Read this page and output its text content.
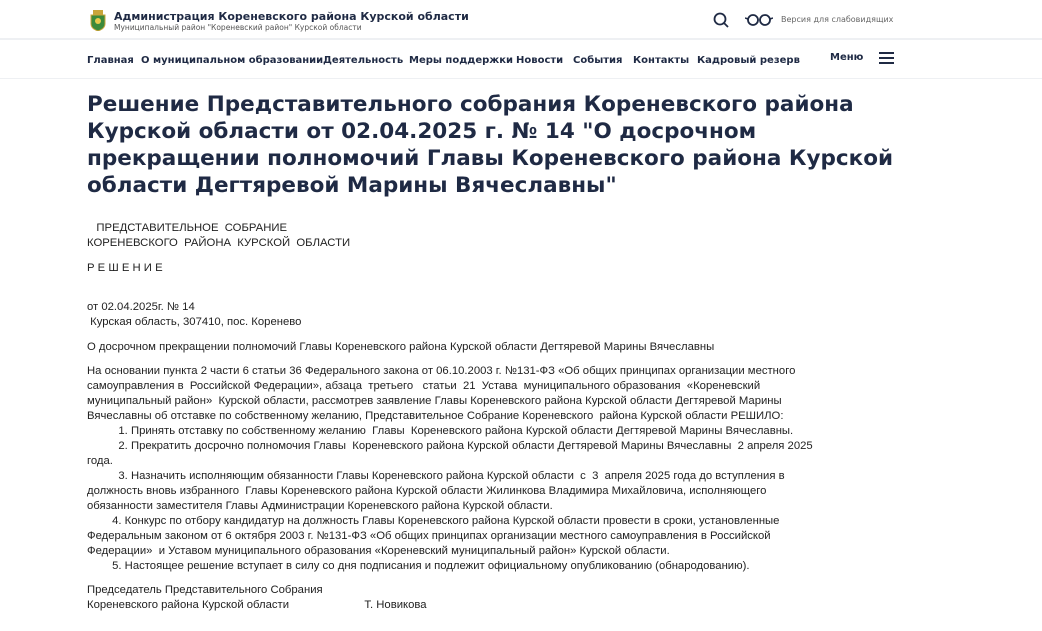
Администрация Кореневского района Курской области
Муниципальный район "Кореневский район" Курской области
Версия для слабовидящих
Главная О муниципальном образовании Деятельность Меры поддержки Новости События Контакты Кадровый резерв	Меню
Решение Представительного собрания Кореневского района Курской области от 02.04.2025 г. № 14 "О досрочном прекращении полномочий Главы Кореневского района Курской области Дегтяревой Марины Вячеславны"
ПРЕДСТАВИТЕЛЬНОЕ  СОБРАНИЕ
КОРЕНЕВСКОГО  РАЙОНА  КУРСКОЙ  ОБЛАСТИ
Р Е Ш Е Н И Е
от 02.04.2025г. № 14
Курская область, 307410, пос. Коренево
О досрочном прекращении полномочий Главы Кореневского района Курской области Дегтяревой Марины Вячеславны
На основании пункта 2 части 6 статьи 36 Федерального закона от 06.10.2003 г. №131-ФЗ «Об общих принципах организации местного
самоуправления в  Российской Федерации», абзаца  третьего   статьи  21  Устава  муниципального образования  «Кореневский
муниципальный район»  Курской области, рассмотрев заявление Главы Кореневского района Курской области Дегтяревой Марины
Вячеславны об отставке по собственному желанию, Представительное Собрание Кореневского  района Курской области РЕШИЛО:
1. Принять отставку по собственному желанию  Главы  Кореневского района Курской области Дегтяревой Марины Вячеславны.
2. Прекратить досрочно полномочия Главы  Кореневского района Курской области Дегтяревой Марины Вячеславны  2 апреля 2025
года.
3. Назначить исполняющим обязанности Главы Кореневского района Курской области  с  3  апреля 2025 года до вступления в
должность вновь избранного  Главы Кореневского района Курской области Жилинкова Владимира Михайловича, исполняющего
обязанности заместителя Главы Администрации Кореневского района Курской области.
4. Конкурс по отбору кандидатур на должность Главы Кореневского района Курской области провести в сроки, установленные
Федеральным законом от 6 октября 2003 г. №131-ФЗ «Об общих принципах организации местного самоуправления в Российской
Федерации»  и Уставом муниципального образования «Кореневский муниципальный район» Курской области.
5. Настоящее решение вступает в силу со дня подписания и подлежит официальному опубликованию (обнародованию).
Председатель Представительного Собрания
Кореневского района Курской области                        Т. Новикова
